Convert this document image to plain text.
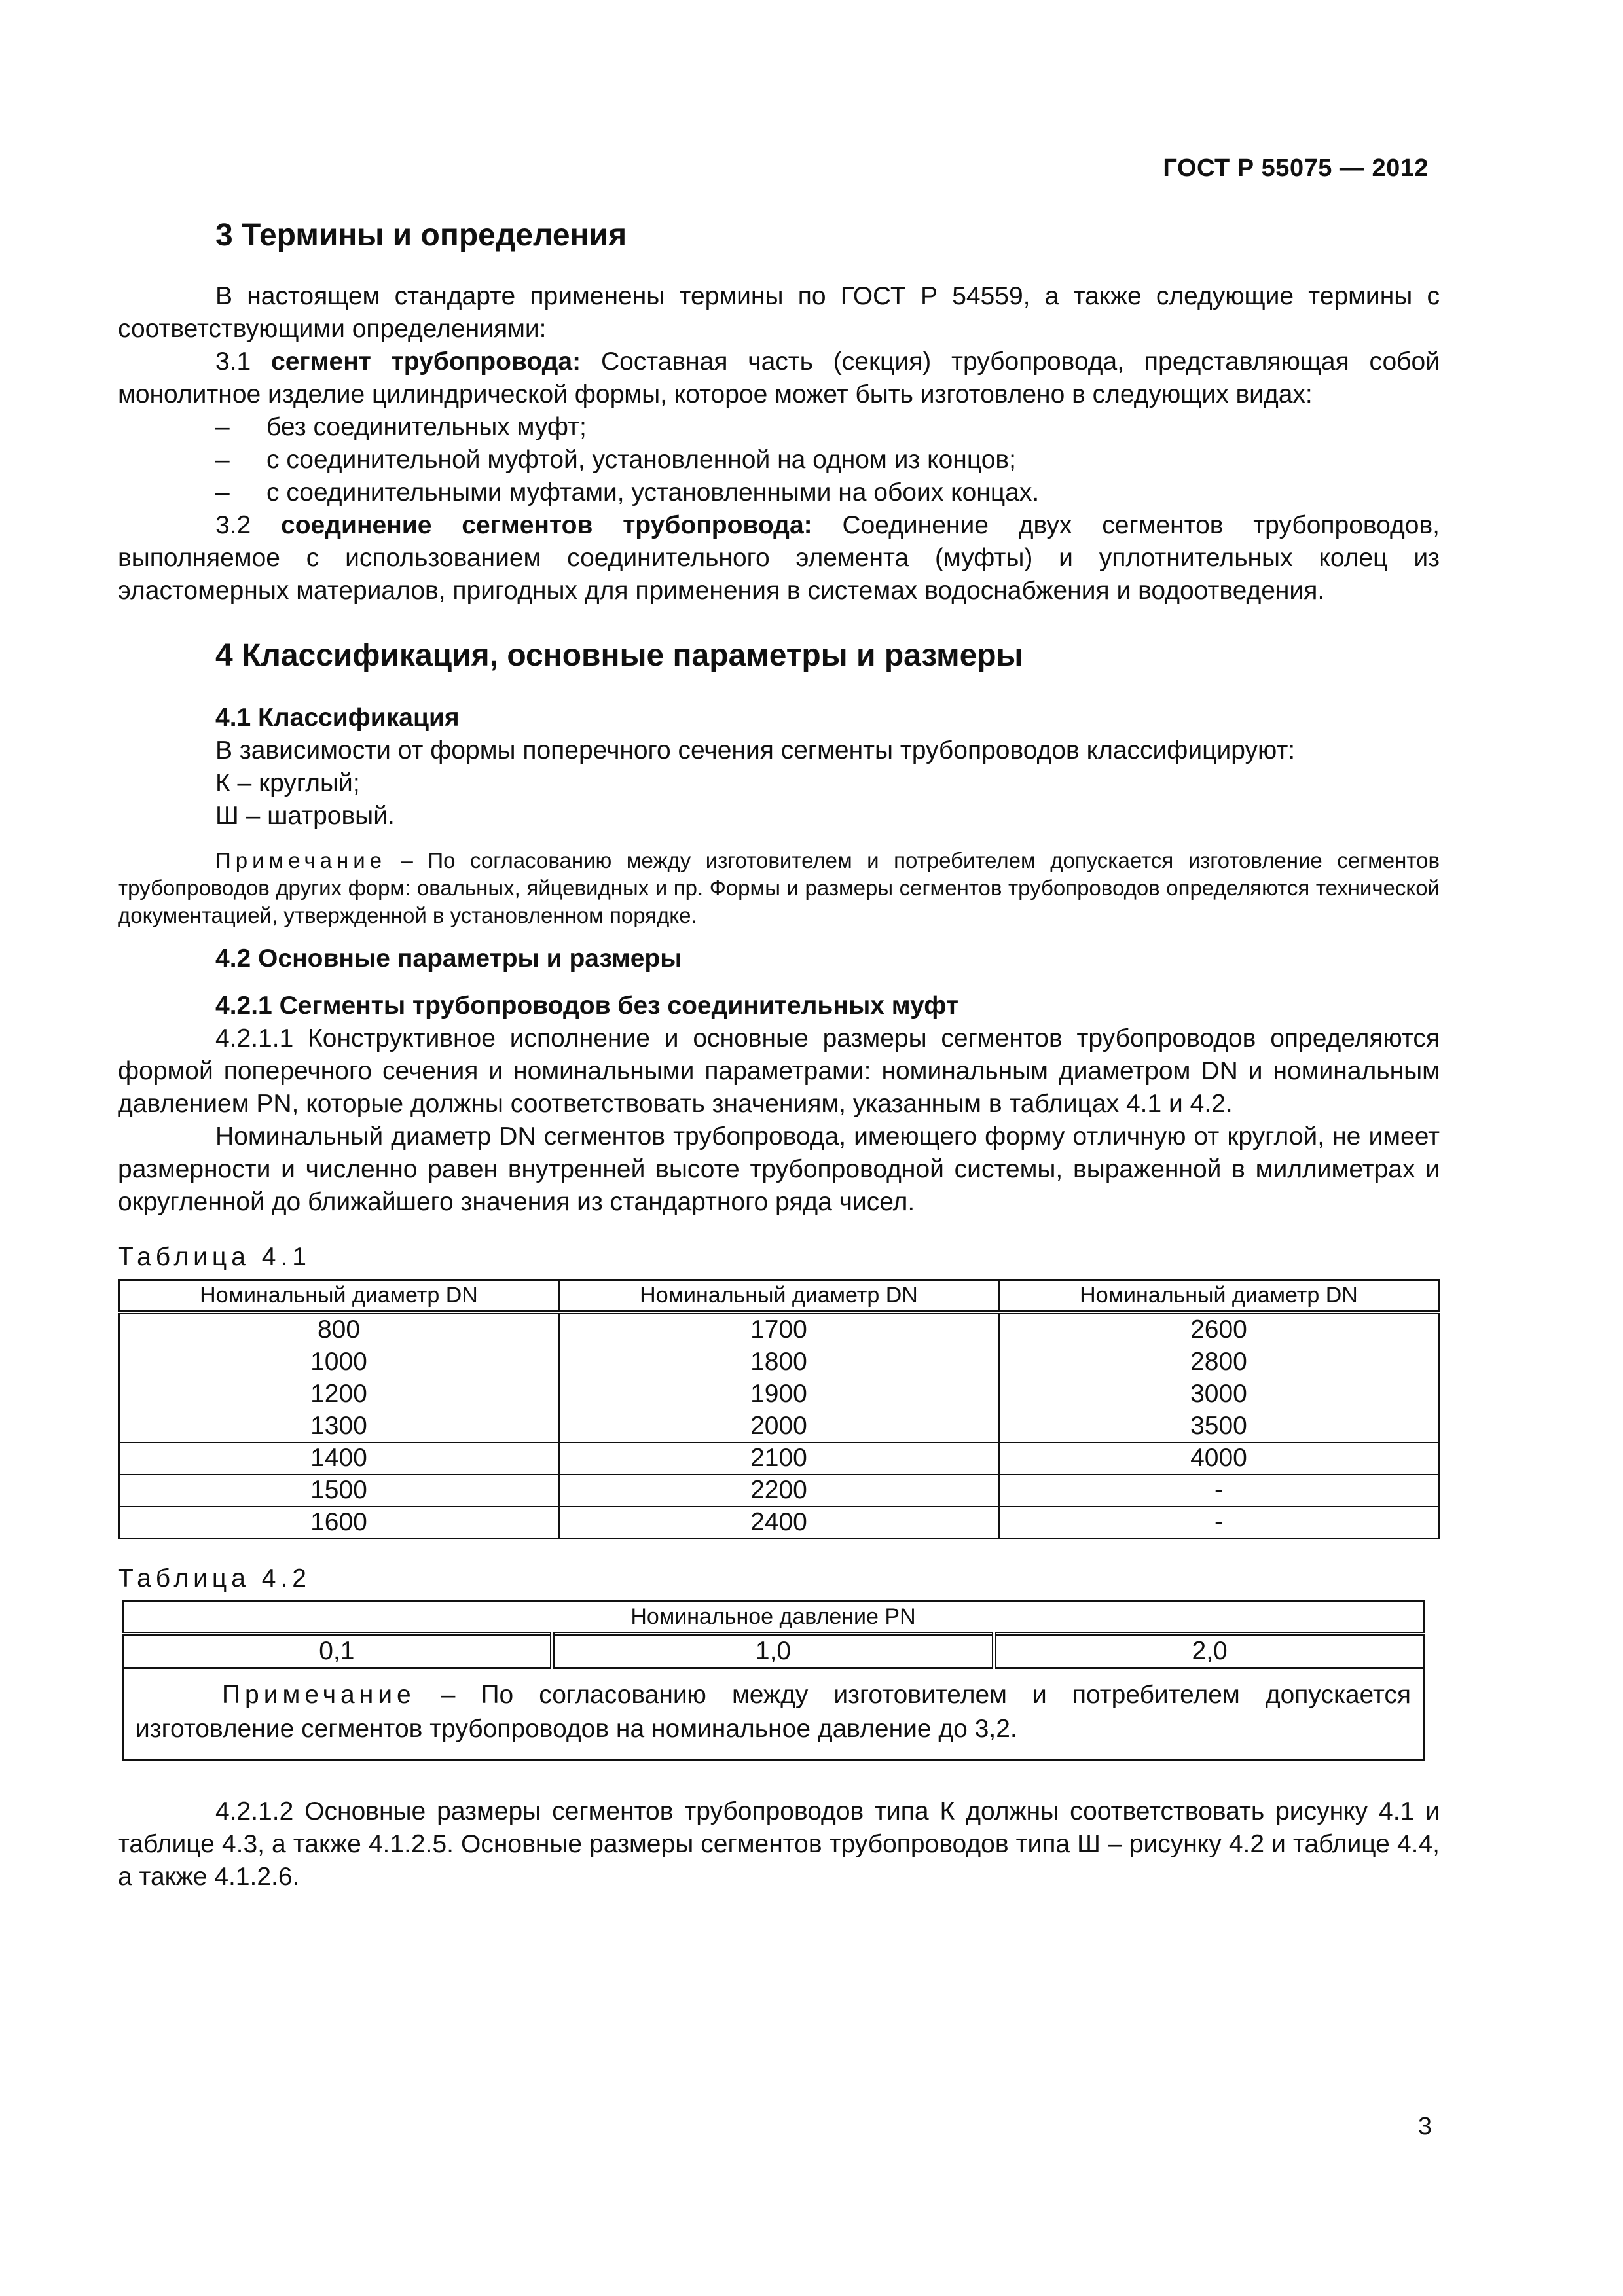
ГОСТ Р 55075 — 2012
3 Термины и определения

В настоящем стандарте применены термины по ГОСТ Р 54559, а также следующие термины с соответствующими определениями:

3.1 сегмент трубопровода: Составная часть (секция) трубопровода, представляющая собой монолитное изделие цилиндрической формы, которое может быть изготовлено в следующих видах:

– без соединительных муфт;

– с соединительной муфтой, установленной на одном из концов;

– с соединительными муфтами, установленными на обоих концах.

3.2 соединение сегментов трубопровода: Соединение двух сегментов трубопроводов, выполняемое с использованием соединительного элемента (муфты) и уплотнительных колец из эластомерных материалов, пригодных для применения в системах водоснабжения и водоотведения.

4 Классификация, основные параметры и размеры

4.1 Классификация

В зависимости от формы поперечного сечения сегменты трубопроводов классифицируют:

К – круглый;

Ш – шатровый.

Примечание – По согласованию между изготовителем и потребителем допускается изготовление сегментов трубопроводов других форм: овальных, яйцевидных и пр. Формы и размеры сегментов трубопроводов определяются технической документацией, утвержденной в установленном порядке.

4.2 Основные параметры и размеры

4.2.1 Сегменты трубопроводов без соединительных муфт

4.2.1.1 Конструктивное исполнение и основные размеры сегментов трубопроводов определяются формой поперечного сечения и номинальными параметрами: номинальным диаметром DN и номинальным давлением PN, которые должны соответствовать значениям, указанным в таблицах 4.1 и 4.2.

Номинальный диаметр DN сегментов трубопровода, имеющего форму отличную от круглой, не имеет размерности и численно равен внутренней высоте трубопроводной системы, выраженной в миллиметрах и округленной до ближайшего значения из стандартного ряда чисел.

Таблица 4.1

Номинальный диаметр DN	Номинальный диаметр DN	Номинальный диаметр DN
800	1700	2600
1000	1800	2800
1200	1900	3000
1300	2000	3500
1400	2100	4000
1500	2200	-
1600	2400	-

Таблица 4.2

Номинальное давление PN
0,1	1,0	2,0
Примечание – По согласованию между изготовителем и потребителем допускается изготовление сегментов трубопроводов на номинальное давление до 3,2.

4.2.1.2 Основные размеры сегментов трубопроводов типа К должны соответствовать рисунку 4.1 и таблице 4.3, а также 4.1.2.5. Основные размеры сегментов трубопроводов типа Ш – рисунку 4.2 и таблице 4.4, а также 4.1.2.6.

3
